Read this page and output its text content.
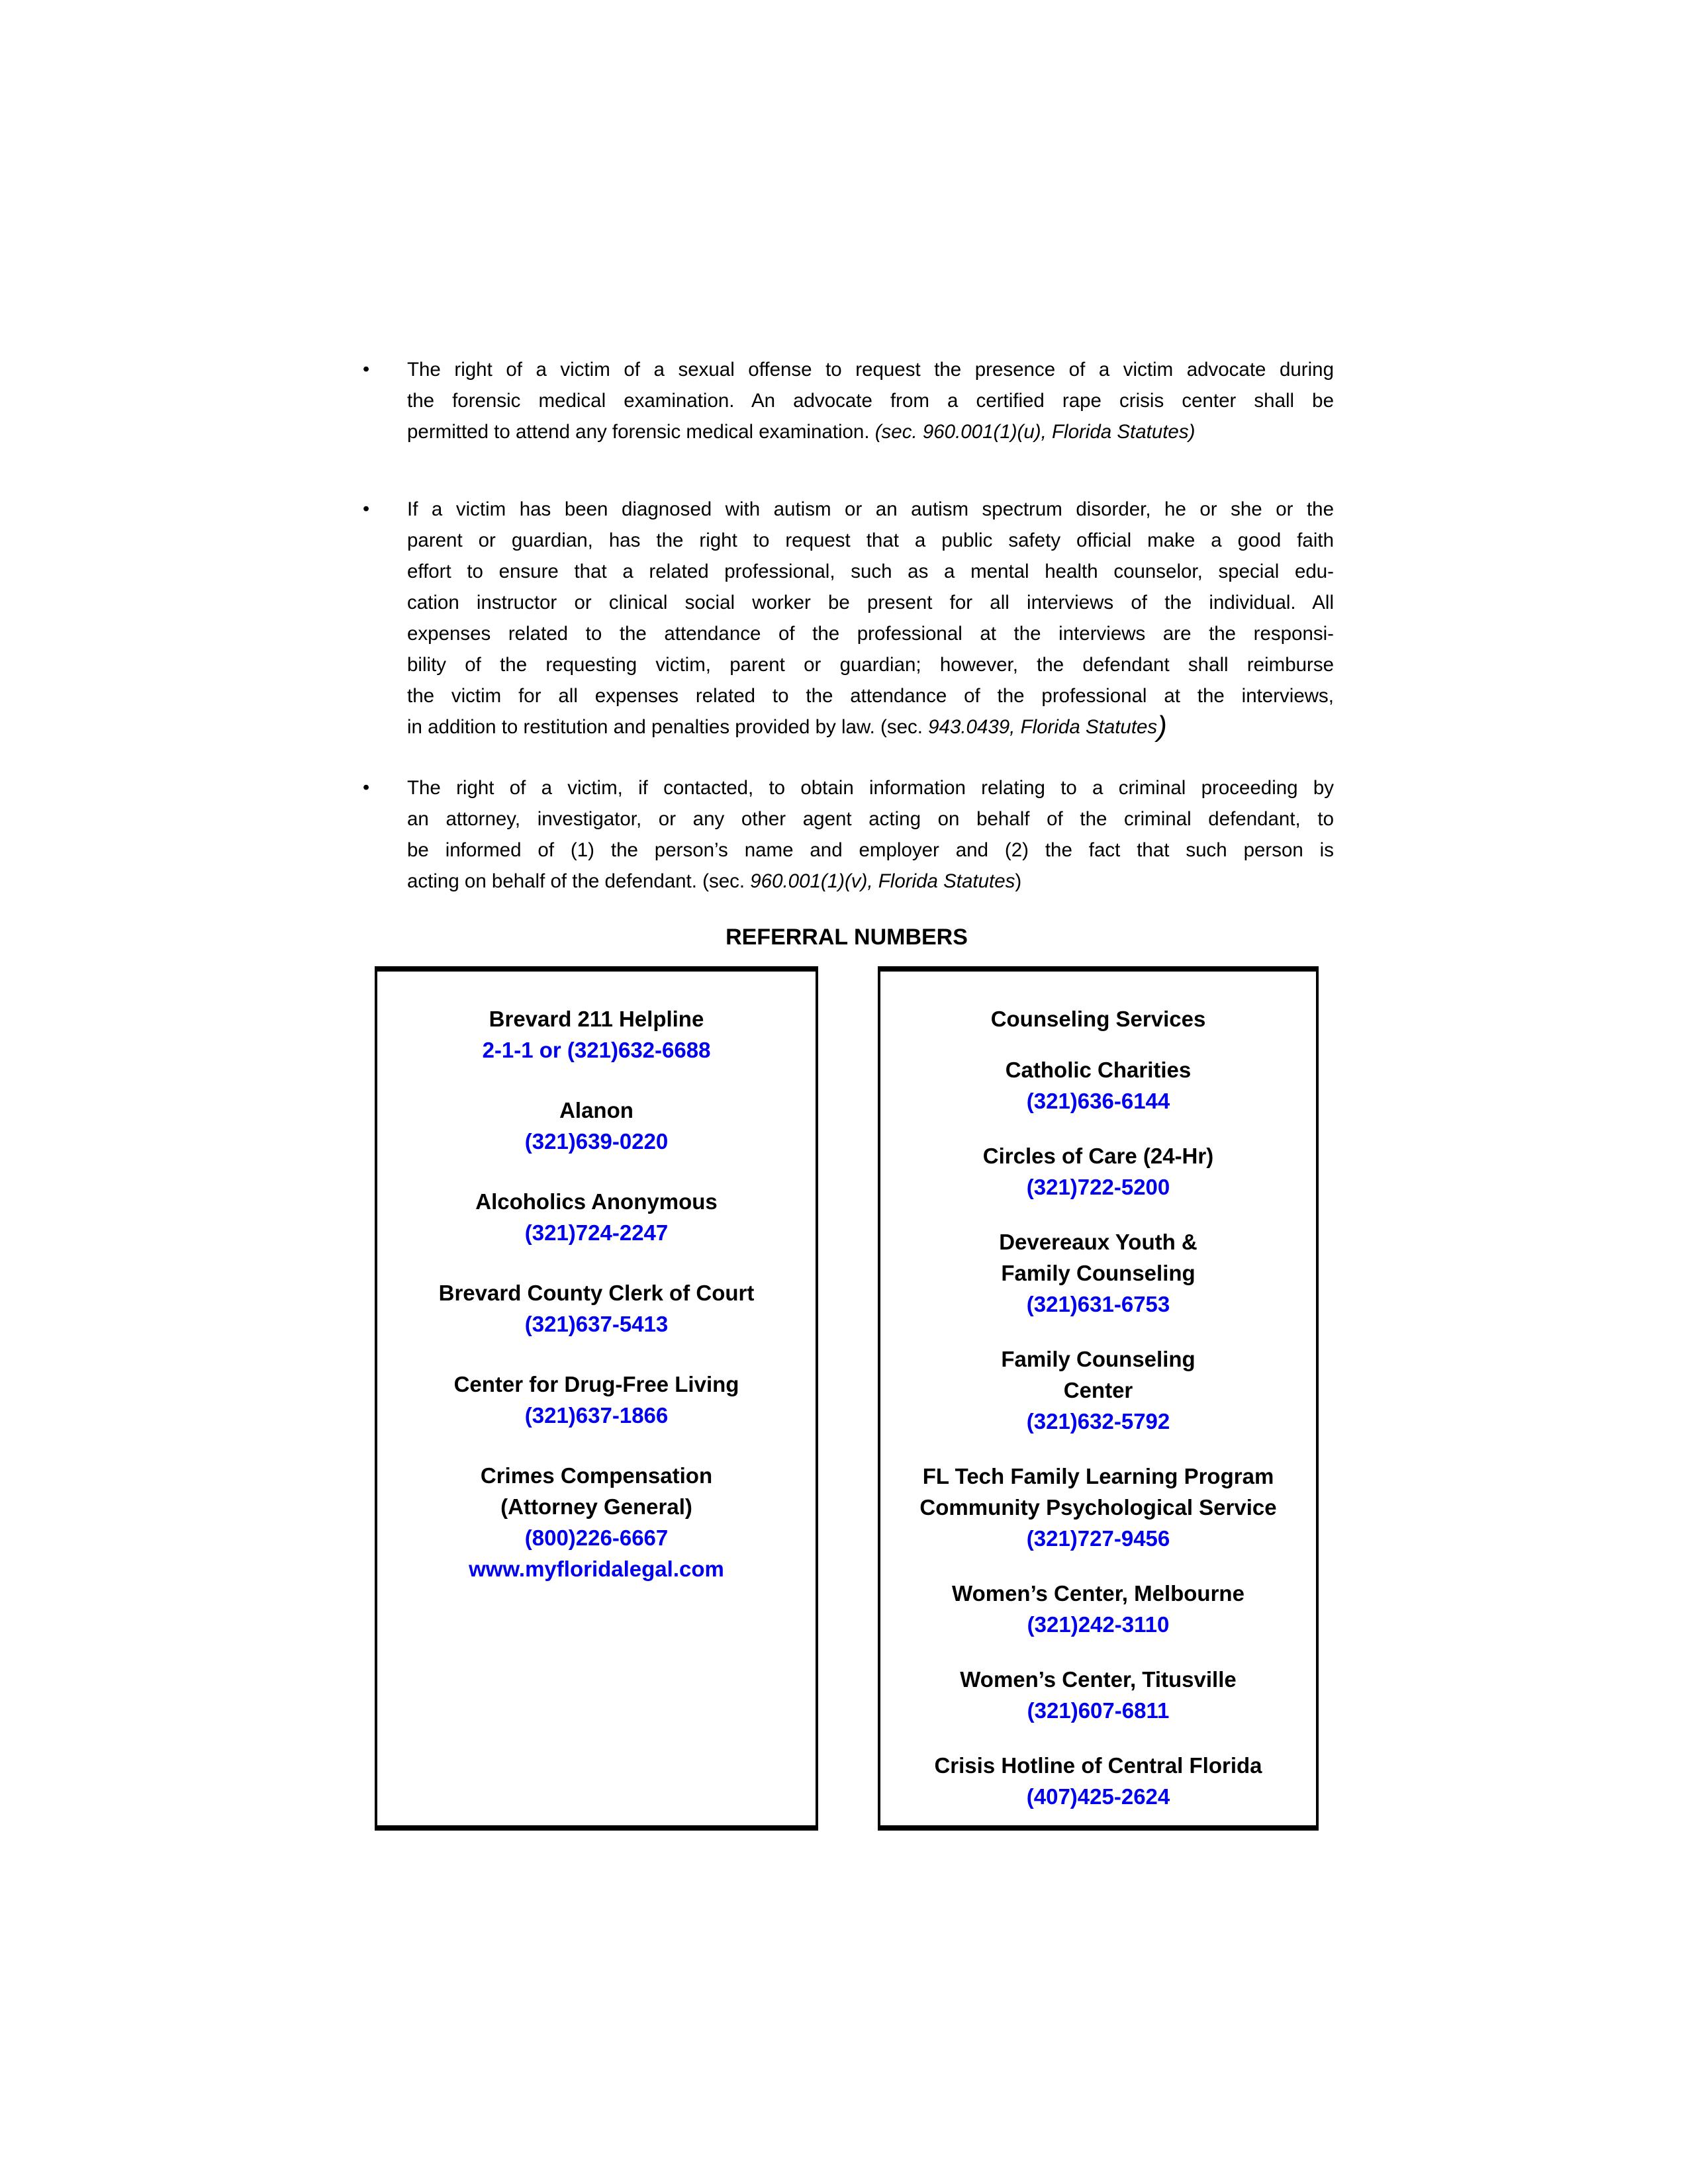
•	The right of a victim of a sexual offense to request the presence of a victim advocate during
the forensic medical examination. An advocate from a certified rape crisis center shall be
permitted to attend any forensic medical examination. (sec. 960.001(1)(u), Florida Statutes)
•	If a victim has been diagnosed with autism or an autism spectrum disorder, he or she or the
parent or guardian, has the right to request that a public safety official make a good faith
effort to ensure that a related professional, such as a mental health counselor, special edu-
cation instructor or clinical social worker be present for all interviews of the individual. All
expenses related to the attendance of the professional at the interviews are the responsi-
bility of the requesting victim, parent or guardian; however, the defendant shall reimburse
the victim for all expenses related to the attendance of the professional at the interviews,
in addition to restitution and penalties provided by law. (sec. 943.0439, Florida Statutes)
•	The right of a victim, if contacted, to obtain information relating to a criminal proceeding by
an attorney, investigator, or any other agent acting on behalf of the criminal defendant, to
be informed of (1) the person’s name and employer and (2) the fact that such person is
acting on behalf of the defendant. (sec. 960.001(1)(v), Florida Statutes)
REFERRAL NUMBERS
Brevard 211 Helpline
2-1-1 or (321)632-6688
Alanon
(321)639-0220
Alcoholics Anonymous
(321)724-2247
Brevard County Clerk of Court
(321)637-5413
Center for Drug-Free Living
(321)637-1866
Crimes Compensation
(Attorney General)
(800)226-6667
www.myfloridalegal.com
Counseling Services
Catholic Charities
(321)636-6144
Circles of Care (24-Hr)
(321)722-5200
Devereaux Youth &
Family Counseling
(321)631-6753
Family Counseling
Center
(321)632-5792
FL Tech Family Learning Program
Community Psychological Service
(321)727-9456
Women’s Center, Melbourne
(321)242-3110
Women’s Center, Titusville
(321)607-6811
Crisis Hotline of Central Florida
(407)425-2624
